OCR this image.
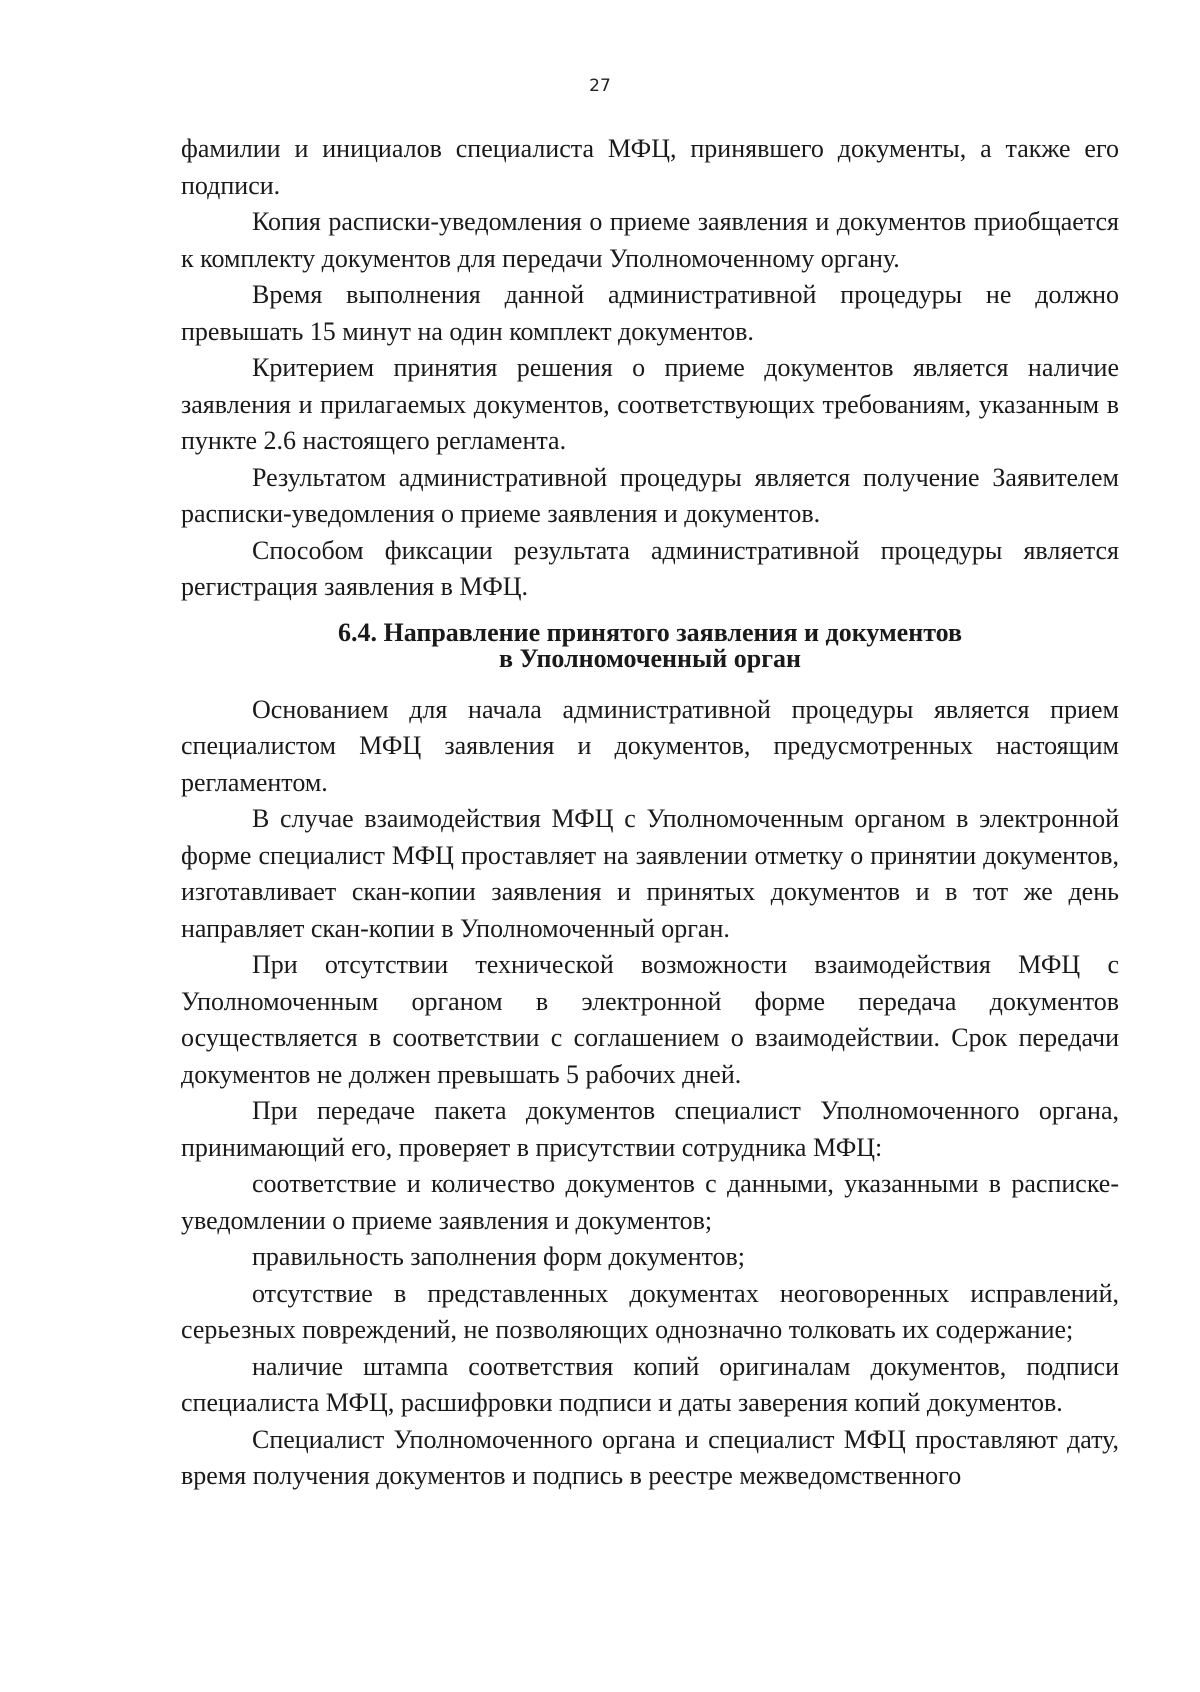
27

фамилии и инициалов специалиста МФЦ, принявшего документы, а также его подписи.

Копия расписки-уведомления о приеме заявления и документов приобщается к комплекту документов для передачи Уполномоченному органу.

Время выполнения данной административной процедуры не должно превышать 15 минут на один комплект документов.

Критерием принятия решения о приеме документов является наличие заявления и прилагаемых документов, соответствующих требованиям, указанным в пункте 2.6 настоящего регламента.

Результатом административной процедуры является получение Заявителем расписки-уведомления о приеме заявления и документов.

Способом фиксации результата административной процедуры является регистрация заявления в МФЦ.

6.4. Направление принятого заявления и документов
в Уполномоченный орган

Основанием для начала административной процедуры является прием специалистом МФЦ заявления и документов, предусмотренных настоящим регламентом.

В случае взаимодействия МФЦ с Уполномоченным органом в электронной форме специалист МФЦ проставляет на заявлении отметку о принятии документов, изготавливает скан-копии заявления и принятых документов и в тот же день направляет скан-копии в Уполномоченный орган.

При отсутствии технической возможности взаимодействия МФЦ с Уполномоченным органом в электронной форме передача документов осуществляется в соответствии с соглашением о взаимодействии. Срок передачи документов не должен превышать 5 рабочих дней.

При передаче пакета документов специалист Уполномоченного органа, принимающий его, проверяет в присутствии сотрудника МФЦ:

соответствие и количество документов с данными, указанными в расписке-уведомлении о приеме заявления и документов;

правильность заполнения форм документов;

отсутствие в представленных документах неоговоренных исправлений, серьезных повреждений, не позволяющих однозначно толковать их содержание;

наличие штампа соответствия копий оригиналам документов, подписи специалиста МФЦ, расшифровки подписи и даты заверения копий документов.

Специалист Уполномоченного органа и специалист МФЦ проставляют дату, время получения документов и подпись в реестре межведомственного
